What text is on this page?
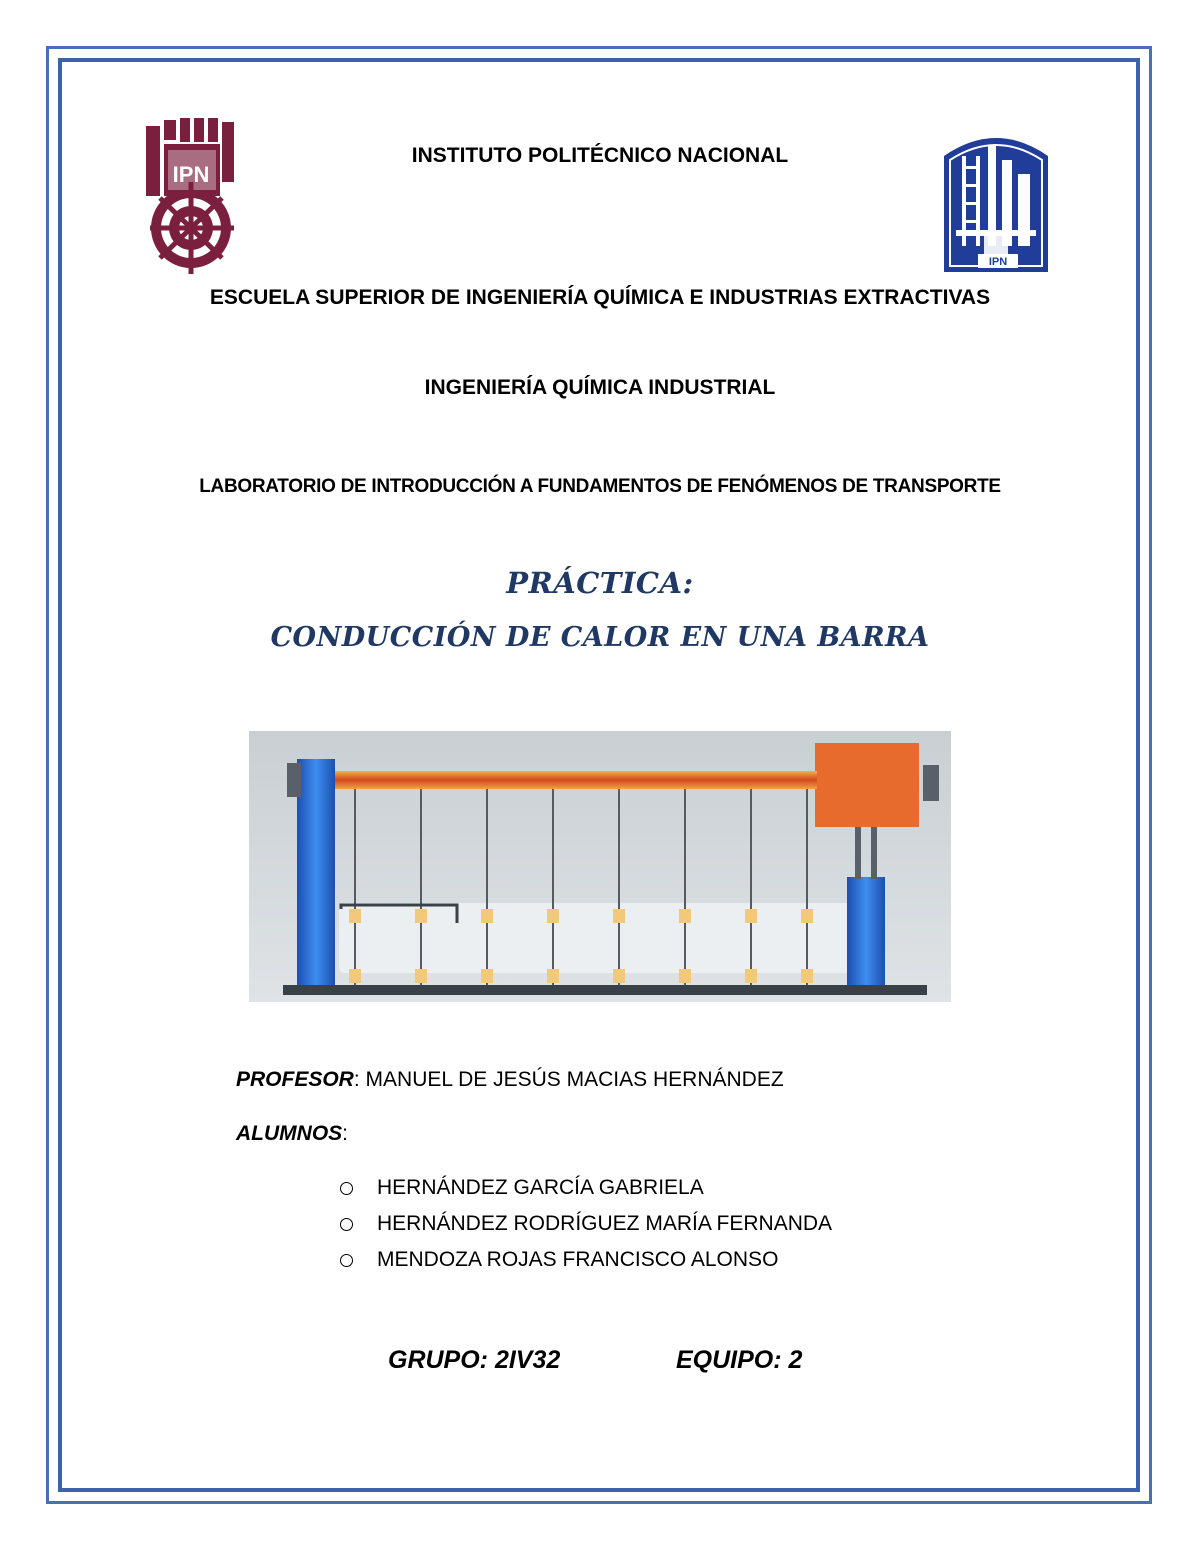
IPN
IPN
INSTITUTO POLITÉCNICO NACIONAL
ESCUELA SUPERIOR DE INGENIERÍA QUÍMICA E INDUSTRIAS EXTRACTIVAS
INGENIERÍA QUÍMICA INDUSTRIAL
LABORATORIO DE INTRODUCCIÓN A FUNDAMENTOS DE FENÓMENOS DE TRANSPORTE
PRÁCTICA:
CONDUCCIÓN DE CALOR EN UNA BARRA
PROFESOR: MANUEL DE JESÚS MACIAS HERNÁNDEZ
ALUMNOS:
HERNÁNDEZ GARCÍA GABRIELA
HERNÁNDEZ RODRÍGUEZ MARÍA FERNANDA
MENDOZA ROJAS FRANCISCO ALONSO
GRUPO: 2IV32	EQUIPO: 2
